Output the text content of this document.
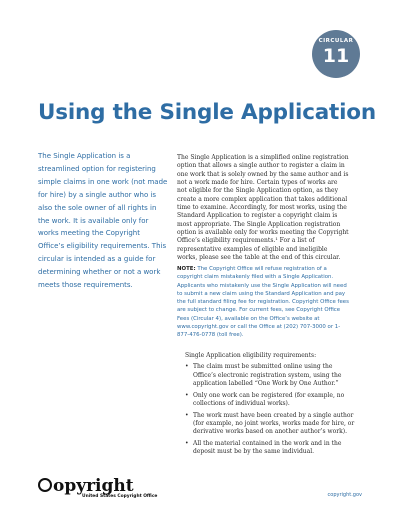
CIRCULAR
11
Using the Single Application
The Single Application is a streamlined option for registering simple claims in one work (not made for hire) by a single author who is also the sole owner of all rights in the work. It is available only for works meeting the Copyright Office’s eligibility requirements. This circular is intended as a guide for determining whether or not a work meets those requirements.
The Single Application is a simplified online registration option that allows a single author to register a claim in one work that is solely owned by the same author and is not a work made for hire. Certain types of works are not eligible for the Single Application option, as they create a more complex application that takes additional time to examine. Accordingly, for most works, using the Standard Application to register a copyright claim is most appropriate. The Single Application registration option is available only for works meeting the Copyright Office’s eligibility requirements.¹ For a list of representative examples of eligible and ineligible works, please see the table at the end of this circular.
NOTE: The Copyright Office will refuse registration of a copyright claim mistakenly filed with a Single Application. Applicants who mistakenly use the Single Application will need to submit a new claim using the Standard Application and pay the full standard filing fee for registration. Copyright Office fees are subject to change. For current fees, see Copyright Office Fees (Circular 4), available on the Office’s website at www.copyright.gov or call the Office at (202) 707-3000 or 1-877-476-0778 (toll free).
Single Application eligibility requirements:
• The claim must be submitted online using the Office’s electronic registration system, using the application labelled “One Work by One Author.”
• Only one work can be registered (for example, no collections of individual works).
• The work must have been created by a single author (for example, no joint works, works made for hire, or derivative works based on another author’s work).
• All the material contained in the work and in the deposit must be by the same individual.
opyright
United States Copyright Office	copyright.gov
